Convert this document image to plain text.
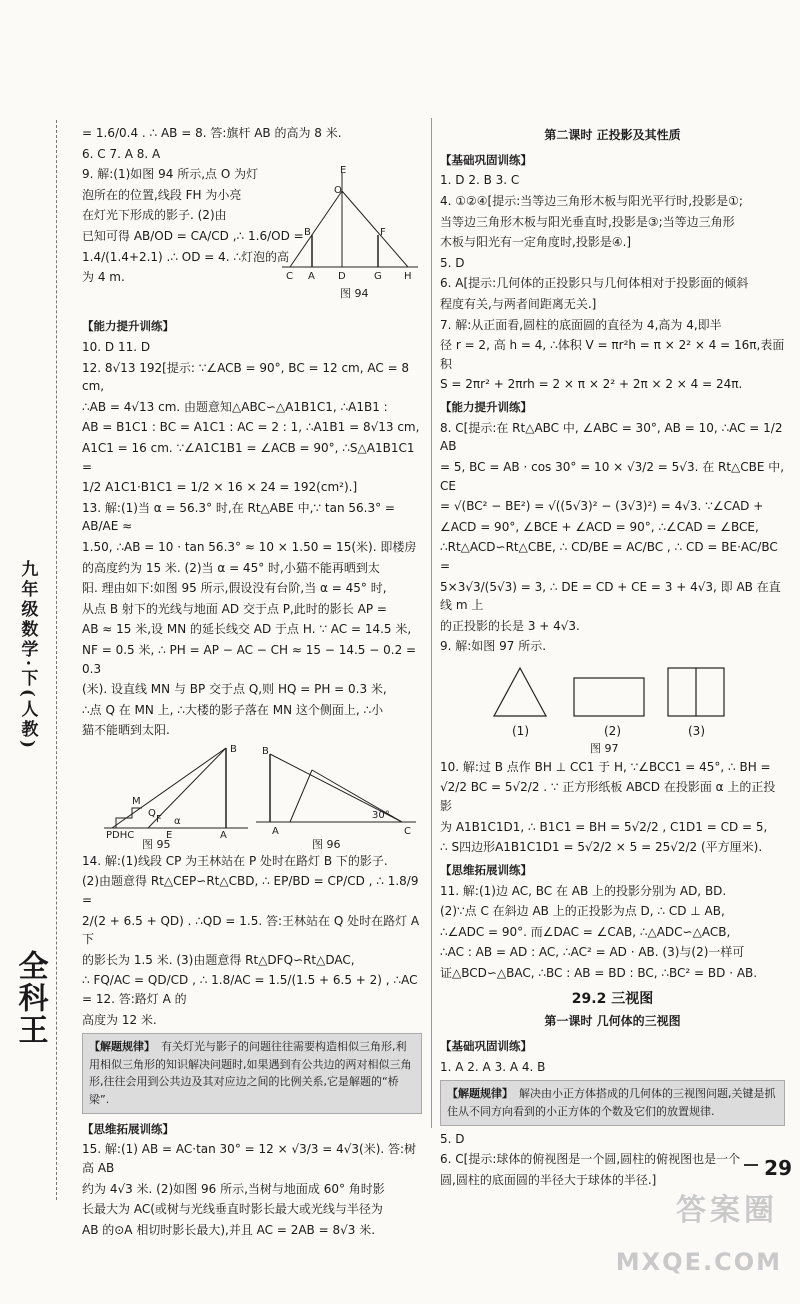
九年级数学·下(人教)
全科王

= 1.6/0.4 . ∴ AB = 8. 答:旗杆 AB 的高为 8 米.

6. C 7. A 8. A

9. 解:(1)如图 94 所示,点 O 为灯

泡所在的位置,线段 FH 为小亮

在灯光下形成的影子. (2)由

已知可得 AB/OD = CA/CD ,∴ 1.6/OD =

1.4/(1.4+2.1) .∴ OD = 4. ∴灯泡的高

为 4 m.

E
O
B	F
C A D	G H
图 94
【能力提升训练】

10. D 11. D

12. 8√13 192[提示: ∵∠ACB = 90°, BC = 12 cm, AC = 8 cm,

∴AB = 4√13 cm. 由题意知△ABC∽△A1B1C1, ∴A1B1 :

AB = B1C1 : BC = A1C1 : AC = 2 : 1, ∴A1B1 = 8√13 cm,

A1C1 = 16 cm. ∵∠A1C1B1 = ∠ACB = 90°, ∴S△A1B1C1 =

1/2 A1C1·B1C1 = 1/2 × 16 × 24 = 192(cm²).]

13. 解:(1)当 α = 56.3° 时,在 Rt△ABE 中,∵ tan 56.3° = AB/AE ≈

1.50, ∴AB = 10 · tan 56.3° ≈ 10 × 1.50 = 15(米). 即楼房

的高度约为 15 米. (2)当 α = 45° 时,小猫不能再晒到太

阳. 理由如下:如图 95 所示,假设没有台阶,当 α = 45° 时,

从点 B 射下的光线与地面 AD 交于点 P,此时的影长 AP =

AB ≈ 15 米,设 MN 的延长线交 AD 于点 H. ∵ AC = 14.5 米,

NF = 0.5 米, ∴ PH = AP − AC − CH ≈ 15 − 14.5 − 0.2 = 0.3

(米). 设直线 MN 与 BP 交于点 Q,则 HQ = PH = 0.3 米,

∴点 Q 在 MN 上, ∴大楼的影子落在 MN 这个侧面上, ∴小

猫不能晒到太阳.

M
Q
F α
PDHC	E	A
B
图 95
B
A
30°
C
图 96

14. 解:(1)线段 CP 为王林站在 P 处时在路灯 B 下的影子.

(2)由题意得 Rt△CEP∽Rt△CBD, ∴ EP/BD = CP/CD , ∴ 1.8/9 =

2/(2 + 6.5 + QD) . ∴QD = 1.5. 答:王林站在 Q 处时在路灯 A 下

的影长为 1.5 米. (3)由题意得 Rt△DFQ∽Rt△DAC,

∴ FQ/AC = QD/CD , ∴ 1.8/AC = 1.5/(1.5 + 6.5 + 2) , ∴AC = 12. 答:路灯 A 的

高度为 12 米.

【解题规律】 有关灯光与影子的问题往往需要构造相似三角形,利用相似三角形的知识解决问题时,如果遇到有公共边的两对相似三角形,往往会用到公共边及其对应边之间的比例关系,它是解题的“桥梁”.
【思维拓展训练】

15. 解:(1) AB = AC·tan 30° = 12 × √3/3 = 4√3(米). 答:树高 AB

约为 4√3 米. (2)如图 96 所示,当树与地面成 60° 角时影

长最大为 AC(或树与光线垂直时影长最大或光线与半径为

AB 的⊙A 相切时影长最大),并且 AC = 2AB = 8√3 米.

第二课时 正投影及其性质
【基础巩固训练】

1. D 2. B 3. C

4. ①②④[提示:当等边三角形木板与阳光平行时,投影是①;

当等边三角形木板与阳光垂直时,投影是③;当等边三角形

木板与阳光有一定角度时,投影是④.]

5. D

6. A[提示:几何体的正投影只与几何体相对于投影面的倾斜

程度有关,与两者间距离无关.]

7. 解:从正面看,圆柱的底面圆的直径为 4,高为 4,即半

径 r = 2, 高 h = 4, ∴体积 V = πr²h = π × 2² × 4 = 16π,表面积

S = 2πr² + 2πrh = 2 × π × 2² + 2π × 2 × 4 = 24π.

【能力提升训练】

8. C[提示:在 Rt△ABC 中, ∠ABC = 30°, AB = 10, ∴AC = 1/2 AB

= 5, BC = AB · cos 30° = 10 × √3/2 = 5√3. 在 Rt△CBE 中, CE

= √(BC² − BE²) = √((5√3)² − (3√3)²) = 4√3. ∵∠CAD +

∠ACD = 90°, ∠BCE + ∠ACD = 90°, ∴∠CAD = ∠BCE,

∴Rt△ACD∽Rt△CBE, ∴ CD/BE = AC/BC , ∴ CD = BE·AC/BC =

5×3√3/(5√3) = 3, ∴ DE = CD + CE = 3 + 4√3, 即 AB 在直线 m 上

的正投影的长是 3 + 4√3.

9. 解:如图 97 所示.

(1)	(2)	(3)
图 97

10. 解:过 B 点作 BH ⊥ CC1 于 H, ∵∠BCC1 = 45°, ∴ BH =

√2/2 BC = 5√2/2 . ∵ 正方形纸板 ABCD 在投影面 α 上的正投影

为 A1B1C1D1, ∴ B1C1 = BH = 5√2/2 , C1D1 = CD = 5,

∴ S四边形A1B1C1D1 = 5√2/2 × 5 = 25√2/2 (平方厘米).

【思维拓展训练】

11. 解:(1)边 AC, BC 在 AB 上的投影分别为 AD, BD.

(2)∵点 C 在斜边 AB 上的正投影为点 D, ∴ CD ⊥ AB,

∴∠ADC = 90°. 而∠DAC = ∠CAB, ∴△ADC∽△ACB,

∴AC : AB = AD : AC, ∴AC² = AD · AB. (3)与(2)一样可

证△BCD∽△BAC, ∴BC : AB = BD : BC, ∴BC² = BD · AB.

29.2 三视图
第一课时 几何体的三视图
【基础巩固训练】

1. A 2. A 3. A 4. B

【解题规律】 解决由小正方体搭成的几何体的三视图问题,关键是抓住从不同方向看到的小正方体的个数及它们的放置规律.

5. D

6. C[提示:球体的俯视图是一个圆,圆柱的俯视图也是一个

圆,圆柱的底面圆的半径大于球体的半径.]	29
答案圈
MXQE.COM
